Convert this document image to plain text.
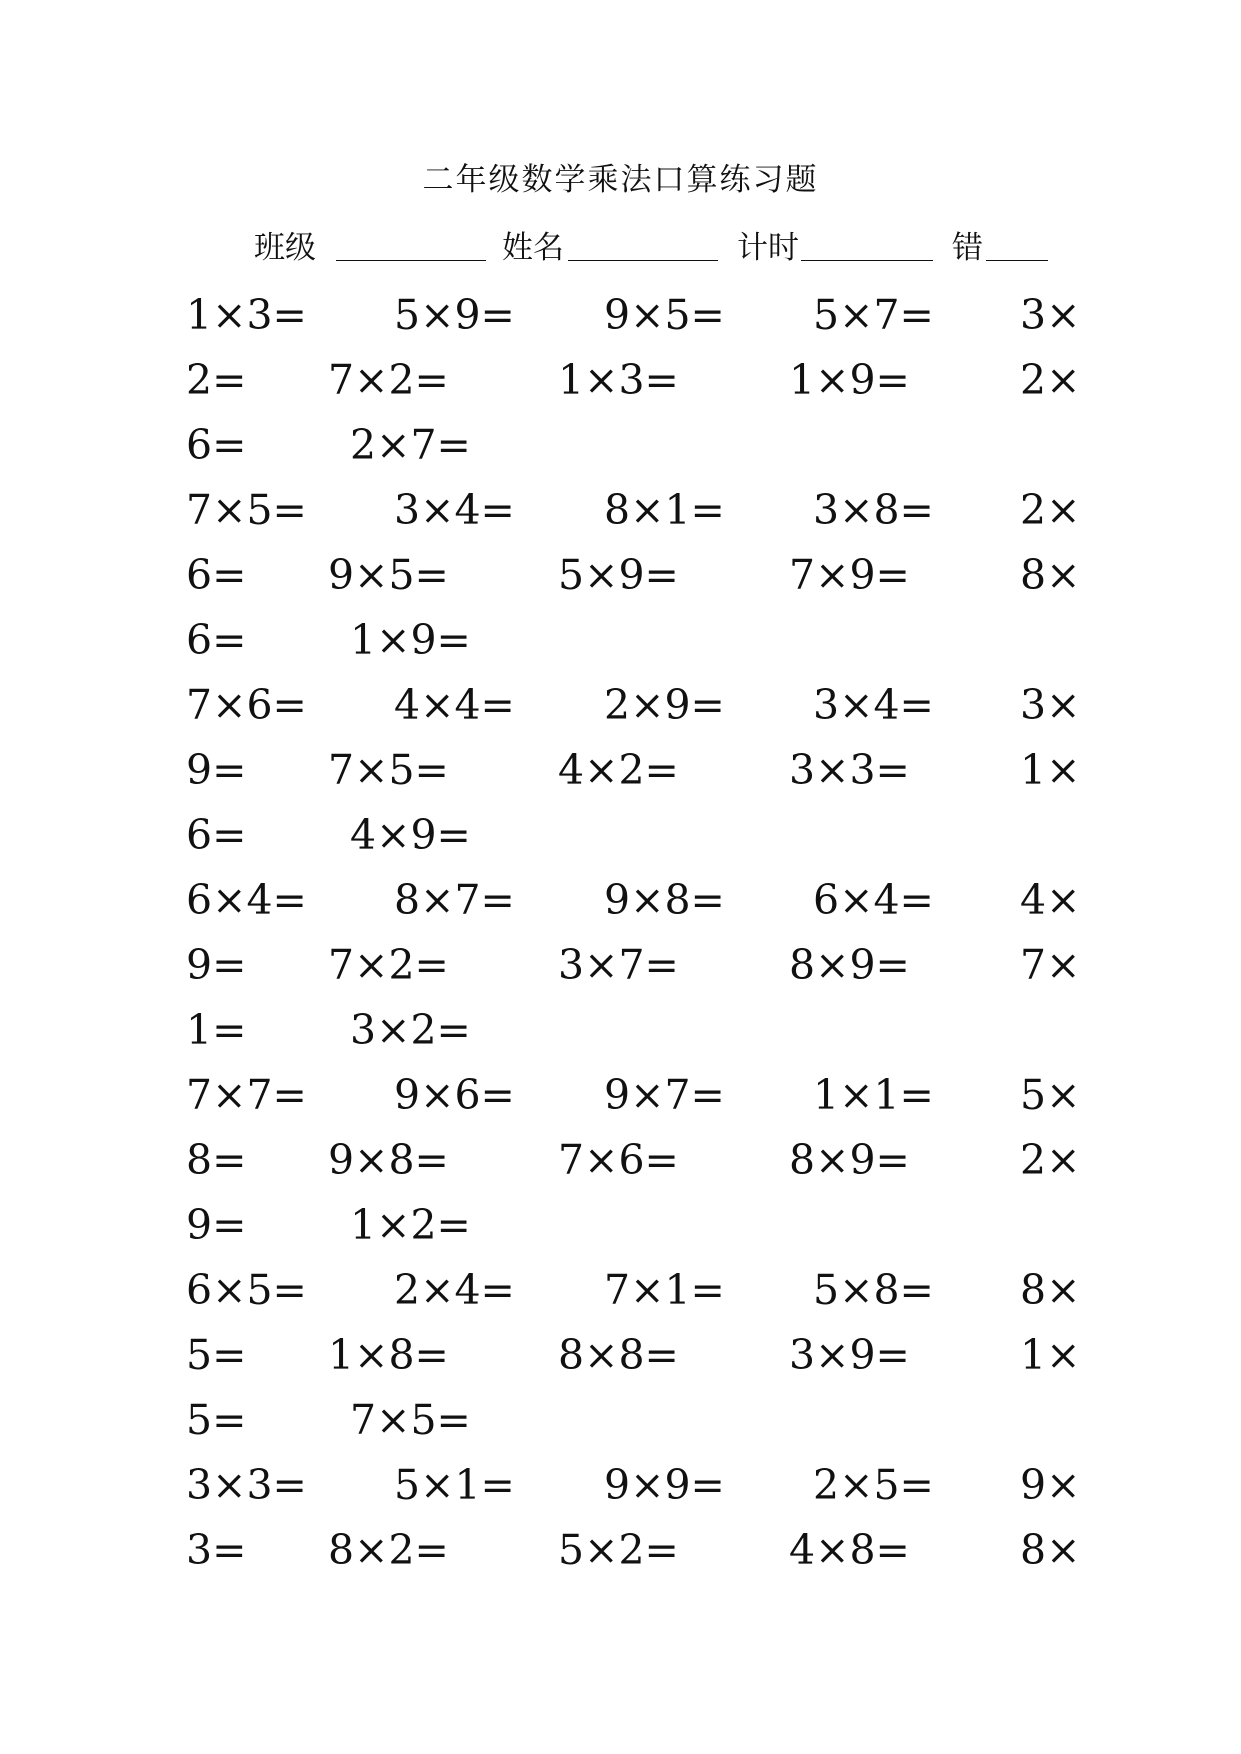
二年级数学乘法口算练习题
班级	姓名	计时	错
1×3= 5×9= 9×5= 5×7= 3×
2= 7×2=	1×3=	1×9=	2×
6=	2×7=
7×5= 3×4= 8×1= 3×8= 2×
6= 9×5=	5×9=	7×9=	8×
6=	1×9=
7×6= 4×4= 2×9= 3×4= 3×
9= 7×5=	4×2=	3×3=	1×
6=	4×9=
6×4= 8×7= 9×8= 6×4= 4×
9= 7×2=	3×7=	8×9=	7×
1=	3×2=
7×7= 9×6= 9×7= 1×1= 5×
8= 9×8=	7×6=	8×9=	2×
9=	1×2=
6×5= 2×4= 7×1= 5×8= 8×
5= 1×8=	8×8=	3×9=	1×
5=	7×5=
3×3= 5×1= 9×9= 2×5= 9×
3= 8×2=	5×2=	4×8=	8×
